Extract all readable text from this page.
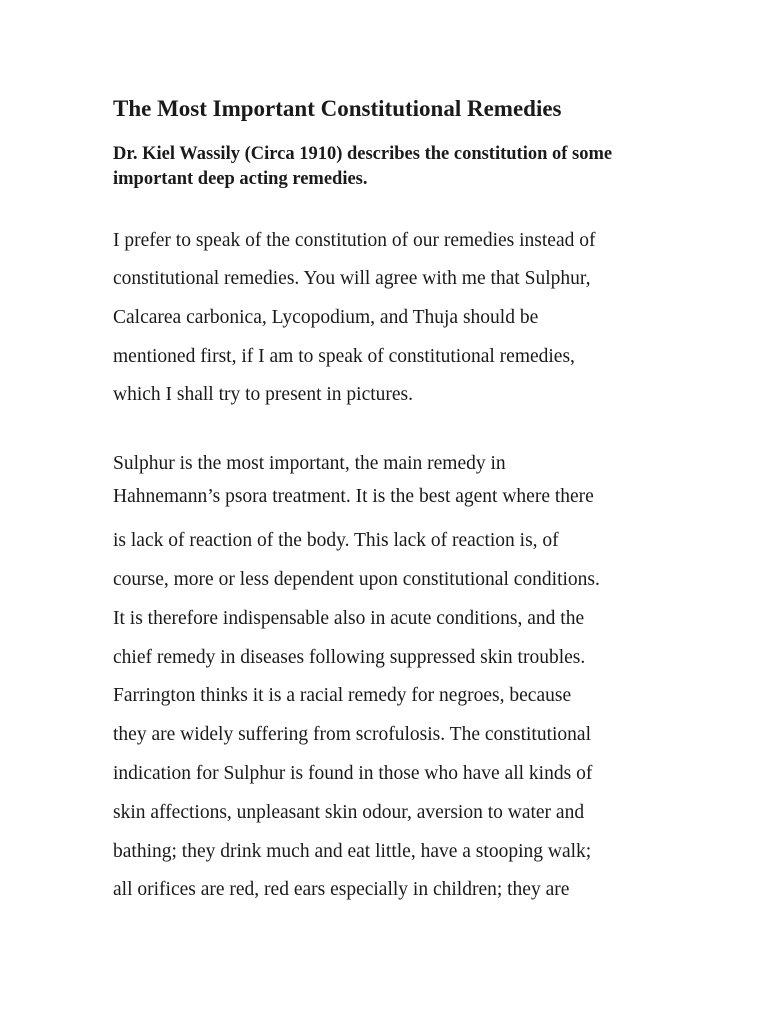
The Most Important Constitutional Remedies

Dr. Kiel Wassily (Circa 1910) describes the constitution of some important deep acting remedies.

I prefer to speak of the constitution of our remedies instead of

constitutional remedies. You will agree with me that Sulphur,

Calcarea carbonica, Lycopodium, and Thuja should be

mentioned first, if I am to speak of constitutional remedies,

which I shall try to present in pictures.

Sulphur is the most important, the main remedy in

Hahnemann’s psora treatment. It is the best agent where there

is lack of reaction of the body. This lack of reaction is, of

course, more or less dependent upon constitutional conditions.

It is therefore indispensable also in acute conditions, and the

chief remedy in diseases following suppressed skin troubles.

Farrington thinks it is a racial remedy for negroes, because

they are widely suffering from scrofulosis. The constitutional

indication for Sulphur is found in those who have all kinds of

skin affections, unpleasant skin odour, aversion to water and

bathing; they drink much and eat little, have a stooping walk;

all orifices are red, red ears especially in children; they are
